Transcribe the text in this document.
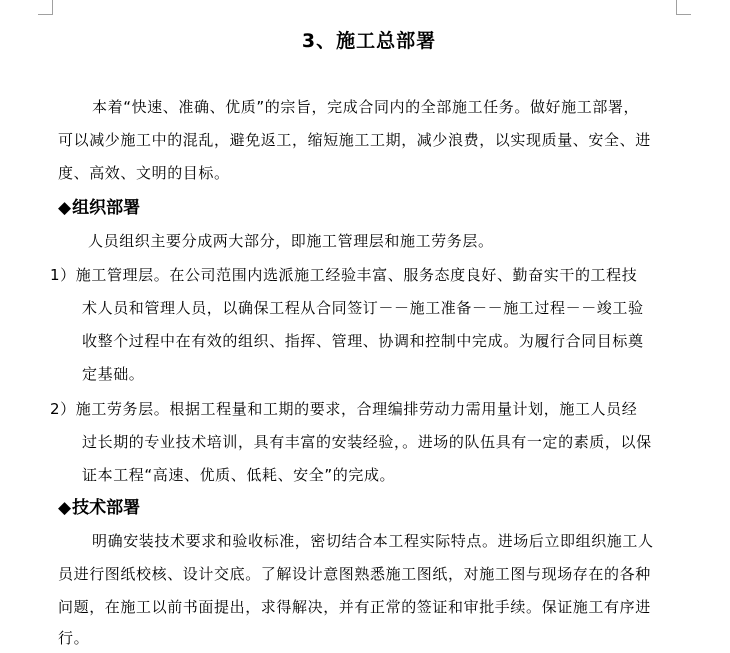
3、施工总部署
本着“快速、准确、优质”的宗旨，完成合同内的全部施工任务。做好施工部署，
可以减少施工中的混乱，避免返工，缩短施工工期，减少浪费，以实现质量、安全、进
度、高效、文明的目标。
◆组织部署
人员组织主要分成两大部分，即施工管理层和施工劳务层。
1）施工管理层。在公司范围内选派施工经验丰富、服务态度良好、勤奋实干的工程技
术人员和管理人员，以确保工程从合同签订－－施工准备－－施工过程－－竣工验
收整个过程中在有效的组织、指挥、管理、协调和控制中完成。为履行合同目标奠
定基础。
2）施工劳务层。根据工程量和工期的要求，合理编排劳动力需用量计划，施工人员经
过长期的专业技术培训，具有丰富的安装经验，。进场的队伍具有一定的素质，以保
证本工程“高速、优质、低耗、安全”的完成。
◆技术部署
明确安装技术要求和验收标准，密切结合本工程实际特点。进场后立即组织施工人
员进行图纸校核、设计交底。了解设计意图熟悉施工图纸，对施工图与现场存在的各种
问题，在施工以前书面提出，求得解决，并有正常的签证和审批手续。保证施工有序进
行。
